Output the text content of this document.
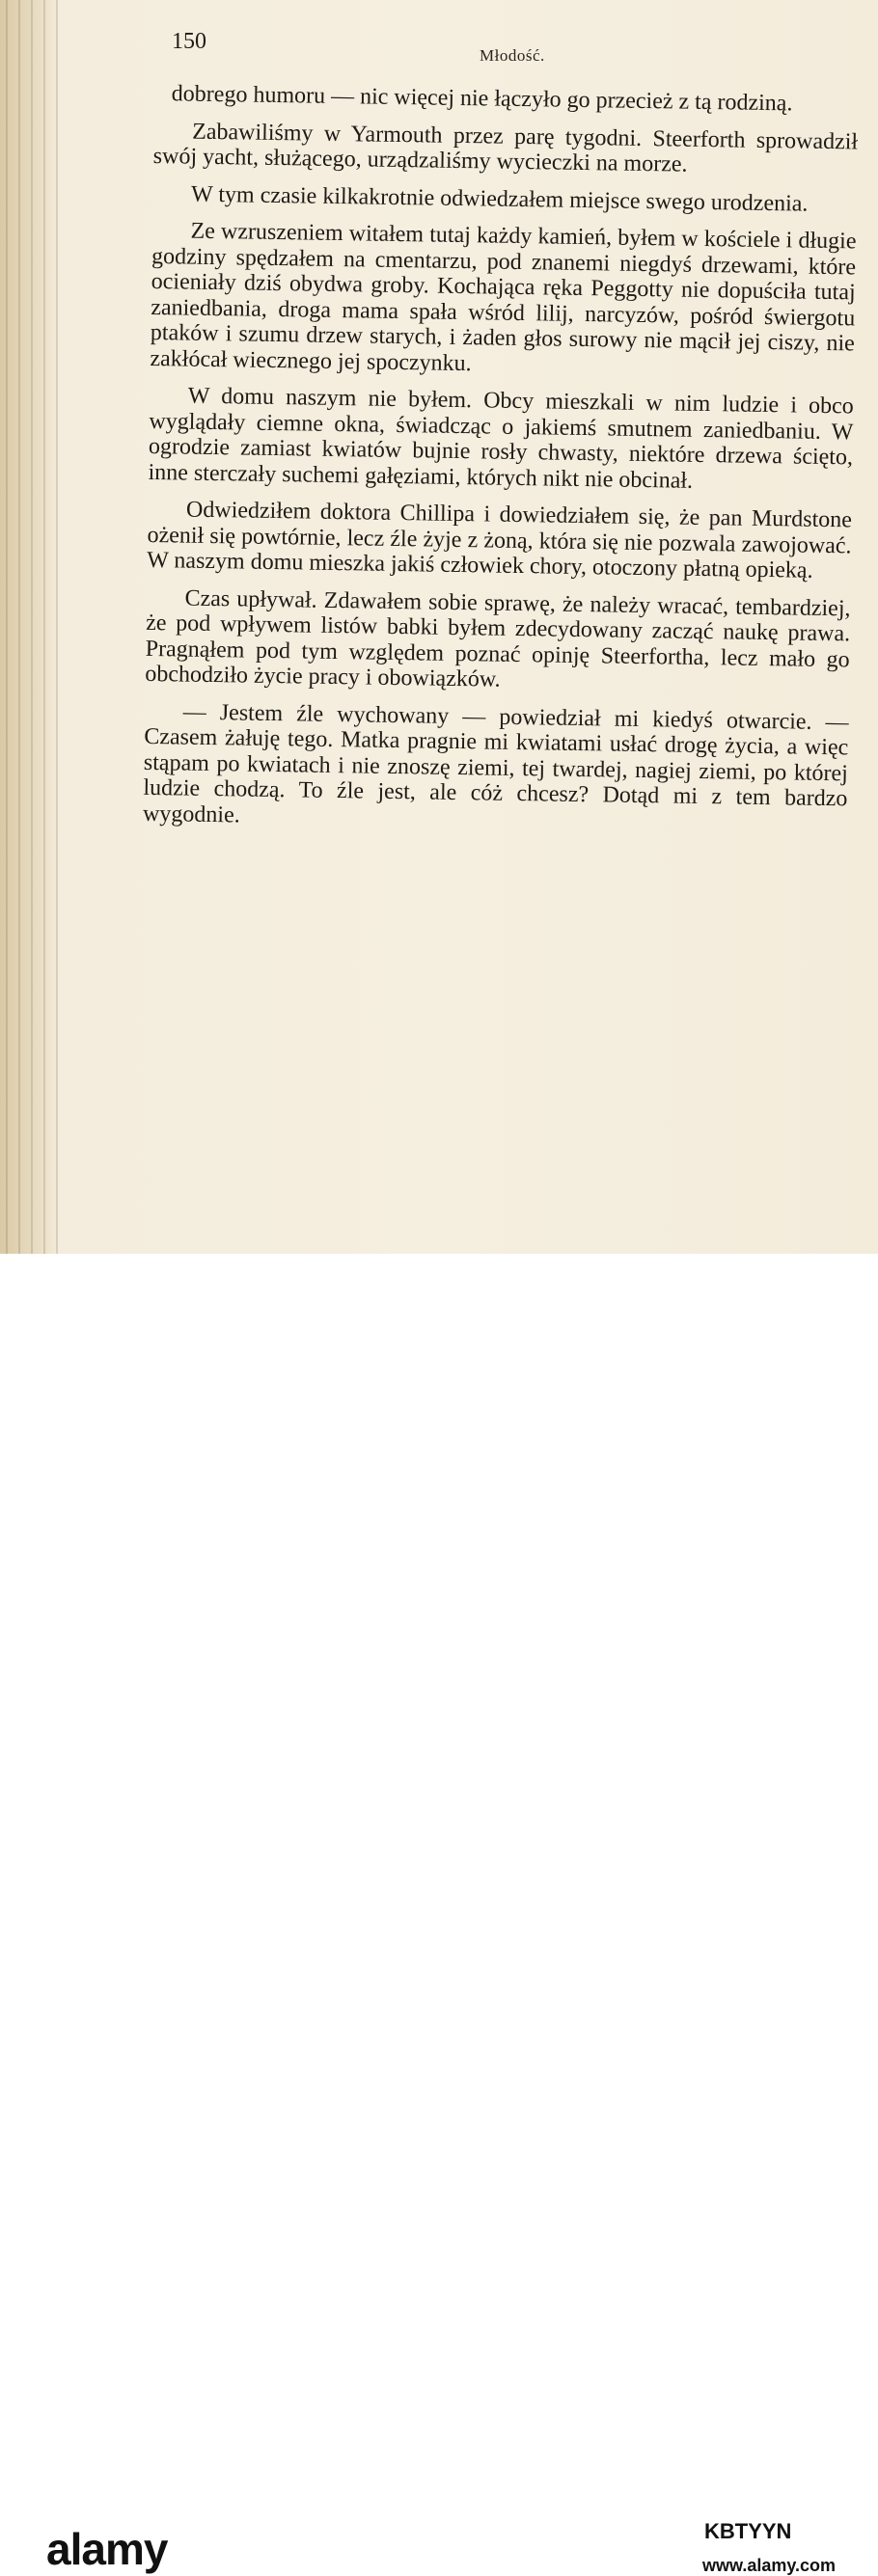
150
Młodość.

dobrego humoru — nic więcej nie łączyło go przecież z tą rodziną.

Zabawiliśmy w Yarmouth przez parę tygodni. Steerforth sprowadził swój yacht, służącego, urządzaliśmy wycieczki na morze.

W tym czasie kilkakrotnie odwiedzałem miejsce swego urodzenia.

Ze wzruszeniem witałem tutaj każdy kamień, byłem w kościele i długie godziny spędzałem na cmentarzu, pod znanemi niegdyś drzewami, które ocieniały dziś obydwa groby. Kochająca ręka Peggotty nie dopuściła tutaj zaniedbania, droga mama spała wśród lilij, narcyzów, pośród świergotu ptaków i szumu drzew starych, i żaden głos surowy nie mącił jej ciszy, nie zakłócał wiecznego jej spoczynku.

W domu naszym nie byłem. Obcy mieszkali w nim ludzie i obco wyglądały ciemne okna, świadcząc o jakiemś smutnem zaniedbaniu. W ogrodzie zamiast kwiatów bujnie rosły chwasty, niektóre drzewa ścięto, inne sterczały suchemi gałęziami, których nikt nie obcinał.

Odwiedziłem doktora Chillipa i dowiedziałem się, że pan Murdstone ożenił się powtórnie, lecz źle żyje z żoną, która się nie pozwala zawojować. W naszym domu mieszka jakiś człowiek chory, otoczony płatną opieką.

Czas upływał. Zdawałem sobie sprawę, że należy wracać, tembardziej, że pod wpływem listów babki byłem zdecydowany zacząć naukę prawa. Pragnąłem pod tym względem poznać opinję Steerfortha, lecz mało go obchodziło życie pracy i obowiązków.

— Jestem źle wychowany — powiedział mi kiedyś otwarcie. — Czasem żałuję tego. Matka pragnie mi kwiatami usłać drogę życia, a więc stąpam po kwiatach i nie znoszę ziemi, tej twardej, nagiej ziemi, po której ludzie chodzą. To źle jest, ale cóż chcesz? Dotąd mi z tem bardzo wygodnie.

alamy	KBTYYN
www.alamy.com
